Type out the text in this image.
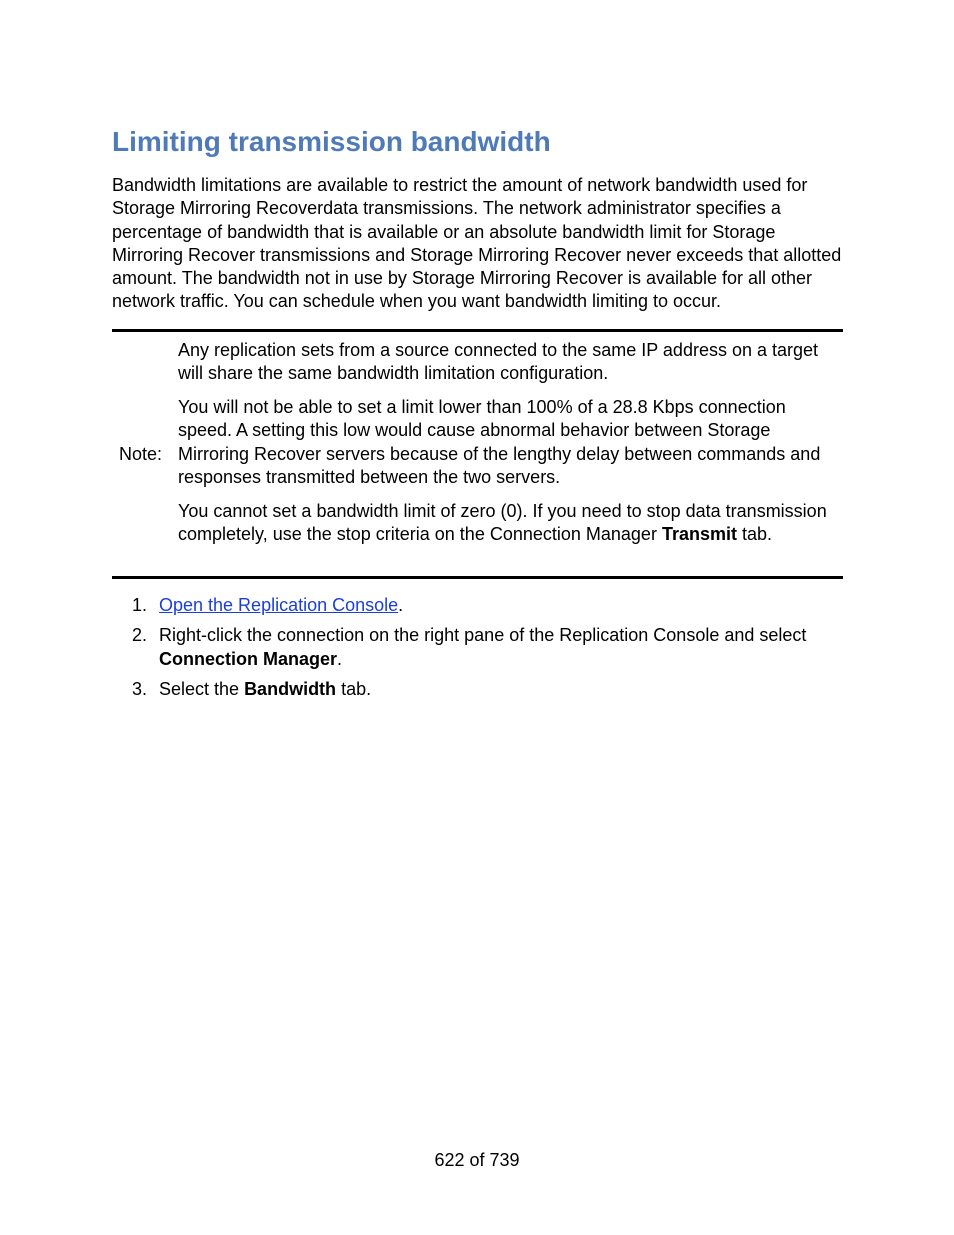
Limiting transmission bandwidth

Bandwidth limitations are available to restrict the amount of network bandwidth used for Storage Mirroring Recoverdata transmissions. The network administrator specifies a percentage of bandwidth that is available or an absolute bandwidth limit for Storage Mirroring Recover transmissions and Storage Mirroring Recover never exceeds that allotted amount. The bandwidth not in use by Storage Mirroring Recover is available for all other network traffic. You can schedule when you want bandwidth limiting to occur.

Note:

Any replication sets from a source connected to the same IP address on a target will share the same bandwidth limitation configuration.

You will not be able to set a limit lower than 100% of a 28.8 Kbps connection speed. A setting this low would cause abnormal behavior between Storage Mirroring Recover servers because of the lengthy delay between commands and responses transmitted between the two servers.

You cannot set a bandwidth limit of zero (0). If you need to stop data transmission completely, use the stop criteria on the Connection Manager Transmit tab.

1. Open the Replication Console.
2. Right-click the connection on the right pane of the Replication Console and select Connection Manager.
3. Select the Bandwidth tab.
622 of 739
